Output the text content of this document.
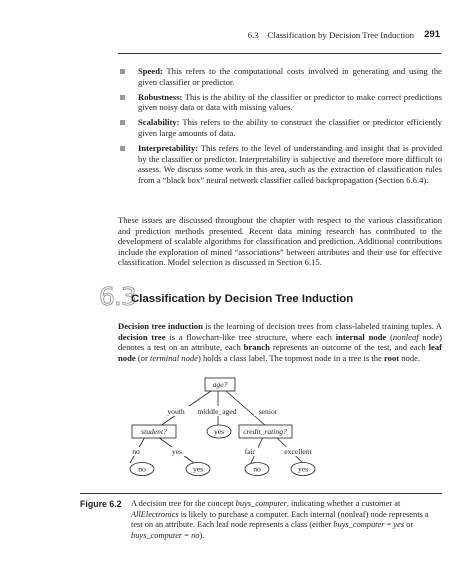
6.3 Classification by Decision Tree Induction 291
Speed: This refers to the computational costs involved in generating and using the given classifier or predictor.
Robustness: This is the ability of the classifier or predictor to make correct predictions given noisy data or data with missing values.
Scalability: This refers to the ability to construct the classifier or predictor efficiently given large amounts of data.
Interpretability: This refers to the level of understanding and insight that is provided by the classifier or predictor. Interpretability is subjective and therefore more difficult to assess. We discuss some work in this area, such as the extraction of classification rules from a “black box” neural network classifier called backpropagation (Section 6.6.4).

These issues are discussed throughout the chapter with respect to the various classification and prediction methods presented. Recent data mining research has contributed to the development of scalable algorithms for classification and prediction. Additional contributions include the exploration of mined “associations” between attributes and their use for effective classification. Model selection is discussed in Section 6.15.

6.3
Classification by Decision Tree Induction

Decision tree induction is the learning of decision trees from class-labeled training tuples. A decision tree is a flowchart-like tree structure, where each internal node (nonleaf node) denotes a test on an attribute, each branch represents an outcome of the test, and each leaf node (or terminal node) holds a class label. The topmost node in a tree is the root node.

age?
student?	credit_rating?
yes
no	yes	no	yes
youth middle_aged	senior
no	yes	fair	excellent
Figure 6.2 A decision tree for the concept buys_computer, indicating whether a customer at AllElectronics is likely to purchase a computer. Each internal (nonleaf) node represents a test on an attribute. Each leaf node represents a class (either buys_computer = yes or buys_computer = no).
